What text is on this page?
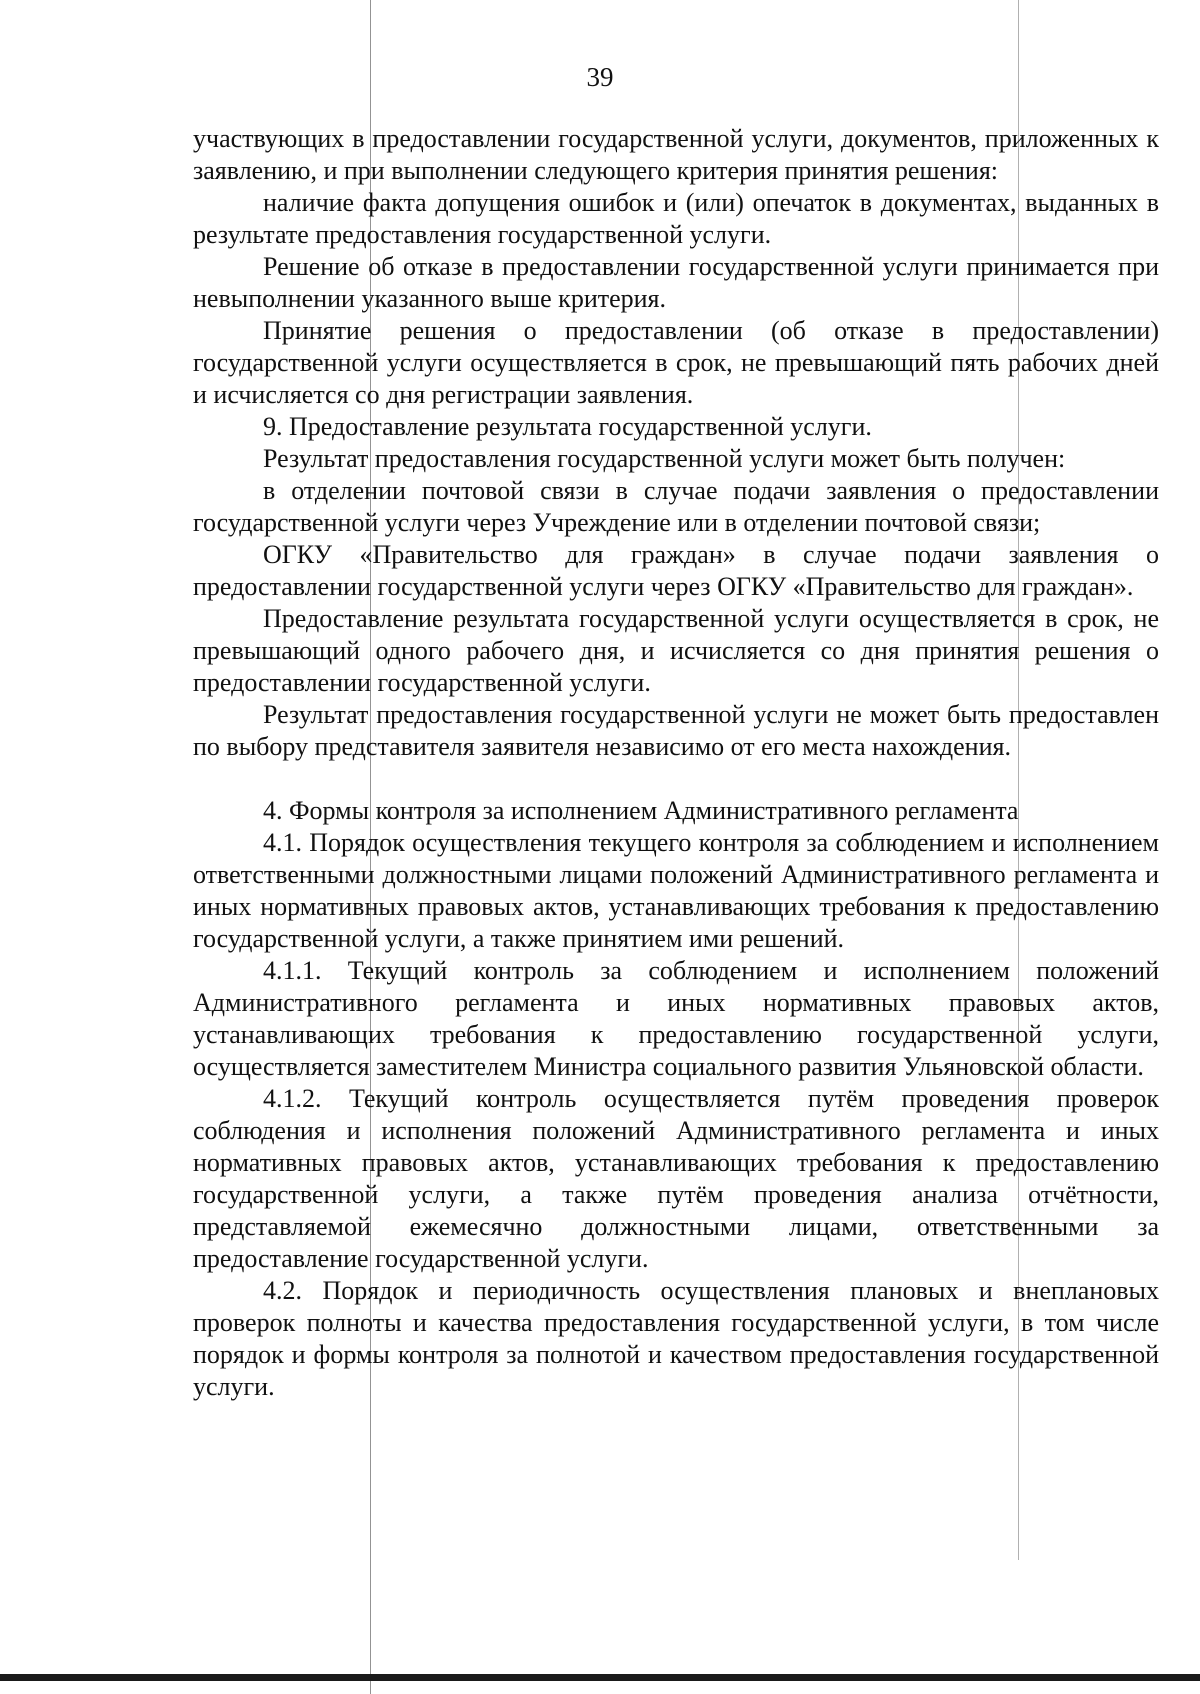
39

участвующих в предоставлении государственной услуги, документов, приложенных к заявлению, и при выполнении следующего критерия принятия решения:

наличие факта допущения ошибок и (или) опечаток в документах, выданных в результате предоставления государственной услуги.

Решение об отказе в предоставлении государственной услуги принимается при невыполнении указанного выше критерия.

Принятие решения о предоставлении (об отказе в предоставлении) государственной услуги осуществляется в срок, не превышающий пять рабочих дней и исчисляется со дня регистрации заявления.

9. Предоставление результата государственной услуги.

Результат предоставления государственной услуги может быть получен:

в отделении почтовой связи в случае подачи заявления о предоставлении государственной услуги через Учреждение или в отделении почтовой связи;

ОГКУ «Правительство для граждан» в случае подачи заявления о предоставлении государственной услуги через ОГКУ «Правительство для граждан».

Предоставление результата государственной услуги осуществляется в срок, не превышающий одного рабочего дня, и исчисляется со дня принятия решения о предоставлении государственной услуги.

Результат предоставления государственной услуги не может быть предоставлен по выбору представителя заявителя независимо от его места нахождения.

4. Формы контроля за исполнением Административного регламента

4.1. Порядок осуществления текущего контроля за соблюдением и исполнением ответственными должностными лицами положений Административного регламента и иных нормативных правовых актов, устанавливающих требования к предоставлению государственной услуги, а также принятием ими решений.

4.1.1. Текущий контроль за соблюдением и исполнением положений Административного регламента и иных нормативных правовых актов, устанавливающих требования к предоставлению государственной услуги, осуществляется заместителем Министра социального развития Ульяновской области.

4.1.2. Текущий контроль осуществляется путём проведения проверок соблюдения и исполнения положений Административного регламента и иных нормативных правовых актов, устанавливающих требования к предоставлению государственной услуги, а также путём проведения анализа отчётности, представляемой ежемесячно должностными лицами, ответственными за предоставление государственной услуги.

4.2. Порядок и периодичность осуществления плановых и внеплановых проверок полноты и качества предоставления государственной услуги, в том числе порядок и формы контроля за полнотой и качеством предоставления государственной услуги.
